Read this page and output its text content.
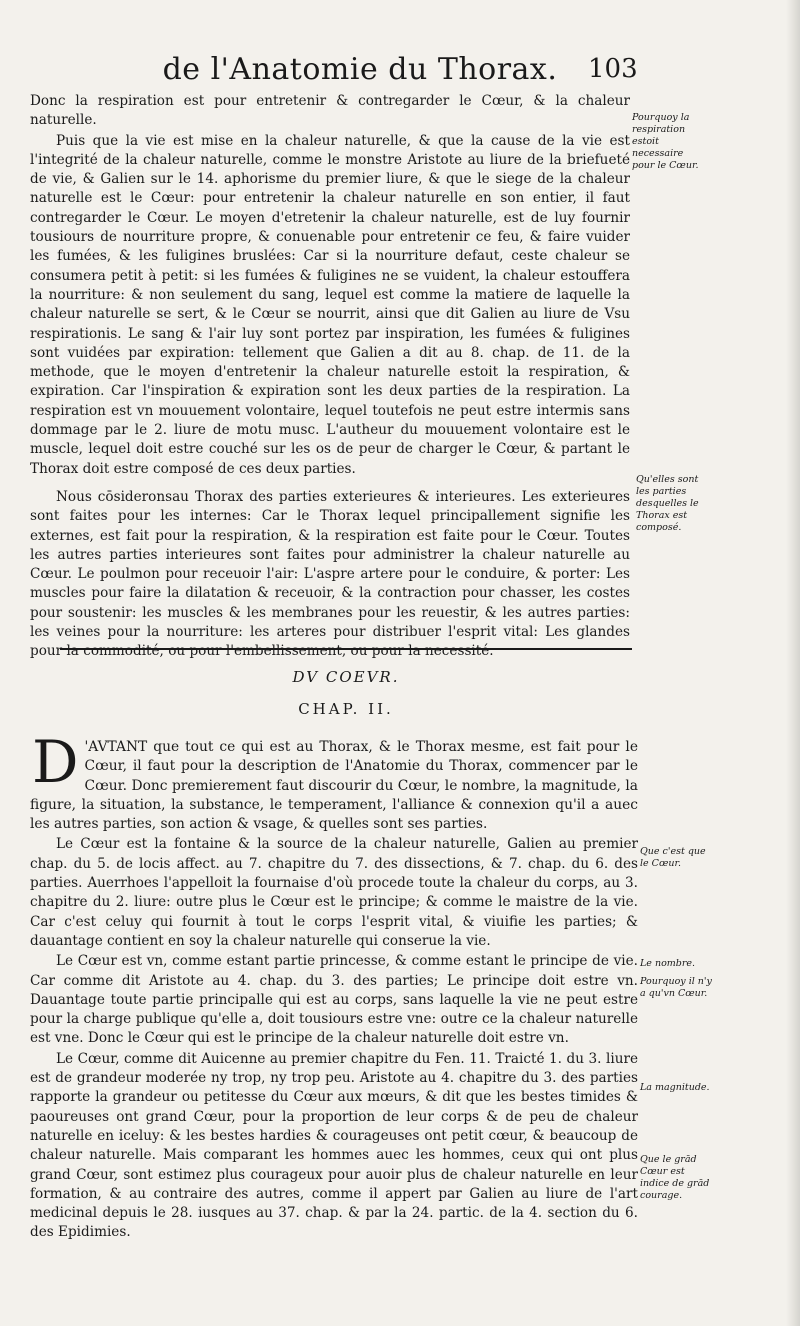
de l'Anatomie du Thorax.	103

Donc la respiration est pour entretenir & contregarder le Cœur, & la chaleur naturelle.

Puis que la vie est mise en la chaleur naturelle, & que la cause de la vie est l'integrité de la chaleur naturelle, comme le monstre Aristote au liure de la briefueté de vie, & Galien sur le 14. aphorisme du premier liure, & que le siege de la chaleur naturelle est le Cœur: pour entretenir la chaleur naturelle en son entier, il faut contregarder le Cœur. Le moyen d'etretenir la chaleur naturelle, est de luy fournir tousiours de nourriture propre, & conuenable pour entretenir ce feu, & faire vuider les fumées, & les fuligines bruslées: Car si la nourriture defaut, ceste chaleur se consumera petit à petit: si les fumées & fuligines ne se vuident, la chaleur estouffera la nourriture: & non seulement du sang, lequel est comme la matiere de laquelle la chaleur naturelle se sert, & le Cœur se nourrit, ainsi que dit Galien au liure de Vsu respirationis. Le sang & l'air luy sont portez par inspiration, les fumées & fuligines sont vuidées par expiration: tellement que Galien a dit au 8. chap. de 11. de la methode, que le moyen d'entretenir la chaleur naturelle estoit la respiration, & expiration. Car l'inspiration & expiration sont les deux parties de la respiration. La respiration est vn mouuement volontaire, lequel toutefois ne peut estre intermis sans dommage par le 2. liure de motu musc. L'autheur du mouuement volontaire est le muscle, lequel doit estre couché sur les os de peur de charger le Cœur, & partant le Thorax doit estre composé de ces deux parties.

Nous cōsideronsau Thorax des parties exterieures & interieures. Les exterieures sont faites pour les internes: Car le Thorax lequel principallement signifie les externes, est fait pour la respiration, & la respiration est faite pour le Cœur. Toutes les autres parties interieures sont faites pour administrer la chaleur naturelle au Cœur. Le poulmon pour receuoir l'air: L'aspre artere pour le conduire, & porter: Les muscles pour faire la dilatation & receuoir, & la contraction pour chasser, les costes pour soustenir: les muscles & les membranes pour les reuestir, & les autres parties: les veines pour la nourriture: les arteres pour distribuer l'esprit vital: Les glandes pour la commodité, ou pour l'embellissement, ou pour la necessité.

Pourquoy la respiration estoit necessaire pour le Cœur.
Qu'elles sont les parties desquelles le Thorax est composé.
DV COEVR.
CHAP. II.

D 'AVTANT que tout ce qui est au Thorax, & le Thorax mesme, est fait pour le Cœur, il faut pour la description de l'Anatomie du Thorax, commencer par le Cœur. Donc premierement faut discourir du Cœur, le nombre, la magnitude, la figure, la situation, la substance, le temperament, l'alliance & connexion qu'il a auec les autres parties, son action & vsage, & quelles sont ses parties.

Le Cœur est la fontaine & la source de la chaleur naturelle, Galien au premier chap. du 5. de locis affect. au 7. chapitre du 7. des dissections, & 7. chap. du 6. des parties. Auerrhoes l'appelloit la fournaise d'où procede toute la chaleur du corps, au 3. chapitre du 2. liure: outre plus le Cœur est le principe; & comme le maistre de la vie. Car c'est celuy qui fournit à tout le corps l'esprit vital, & viuifie les parties; & dauantage contient en soy la chaleur naturelle qui conserue la vie.

Le Cœur est vn, comme estant partie princesse, & comme estant le principe de vie. Car comme dit Aristote au 4. chap. du 3. des parties; Le principe doit estre vn. Dauantage toute partie principalle qui est au corps, sans laquelle la vie ne peut estre pour la charge publique qu'elle a, doit tousiours estre vne: outre ce la chaleur naturelle est vne. Donc le Cœur qui est le principe de la chaleur naturelle doit estre vn.

Le Cœur, comme dit Auicenne au premier chapitre du Fen. 11. Traicté 1. du 3. liure est de grandeur moderée ny trop, ny trop peu. Aristote au 4. chapitre du 3. des parties rapporte la grandeur ou petitesse du Cœur aux mœurs, & dit que les bestes timides & paoureuses ont grand Cœur, pour la proportion de leur corps & de peu de chaleur naturelle en iceluy: & les bestes hardies & courageuses ont petit cœur, & beaucoup de chaleur naturelle. Mais comparant les hommes auec les hommes, ceux qui ont plus grand Cœur, sont estimez plus courageux pour auoir plus de chaleur naturelle en leur formation, & au contraire des autres, comme il appert par Galien au liure de l'art medicinal depuis le 28. iusques au 37. chap. & par la 24. partic. de la 4. section du 6. des Epidimies.

Que c'est que le Cœur.
Le nombre.
Pourquoy il n'y a qu'vn Cœur.
La magnitude.
Que le grād Cœur est indice de grād courage.
